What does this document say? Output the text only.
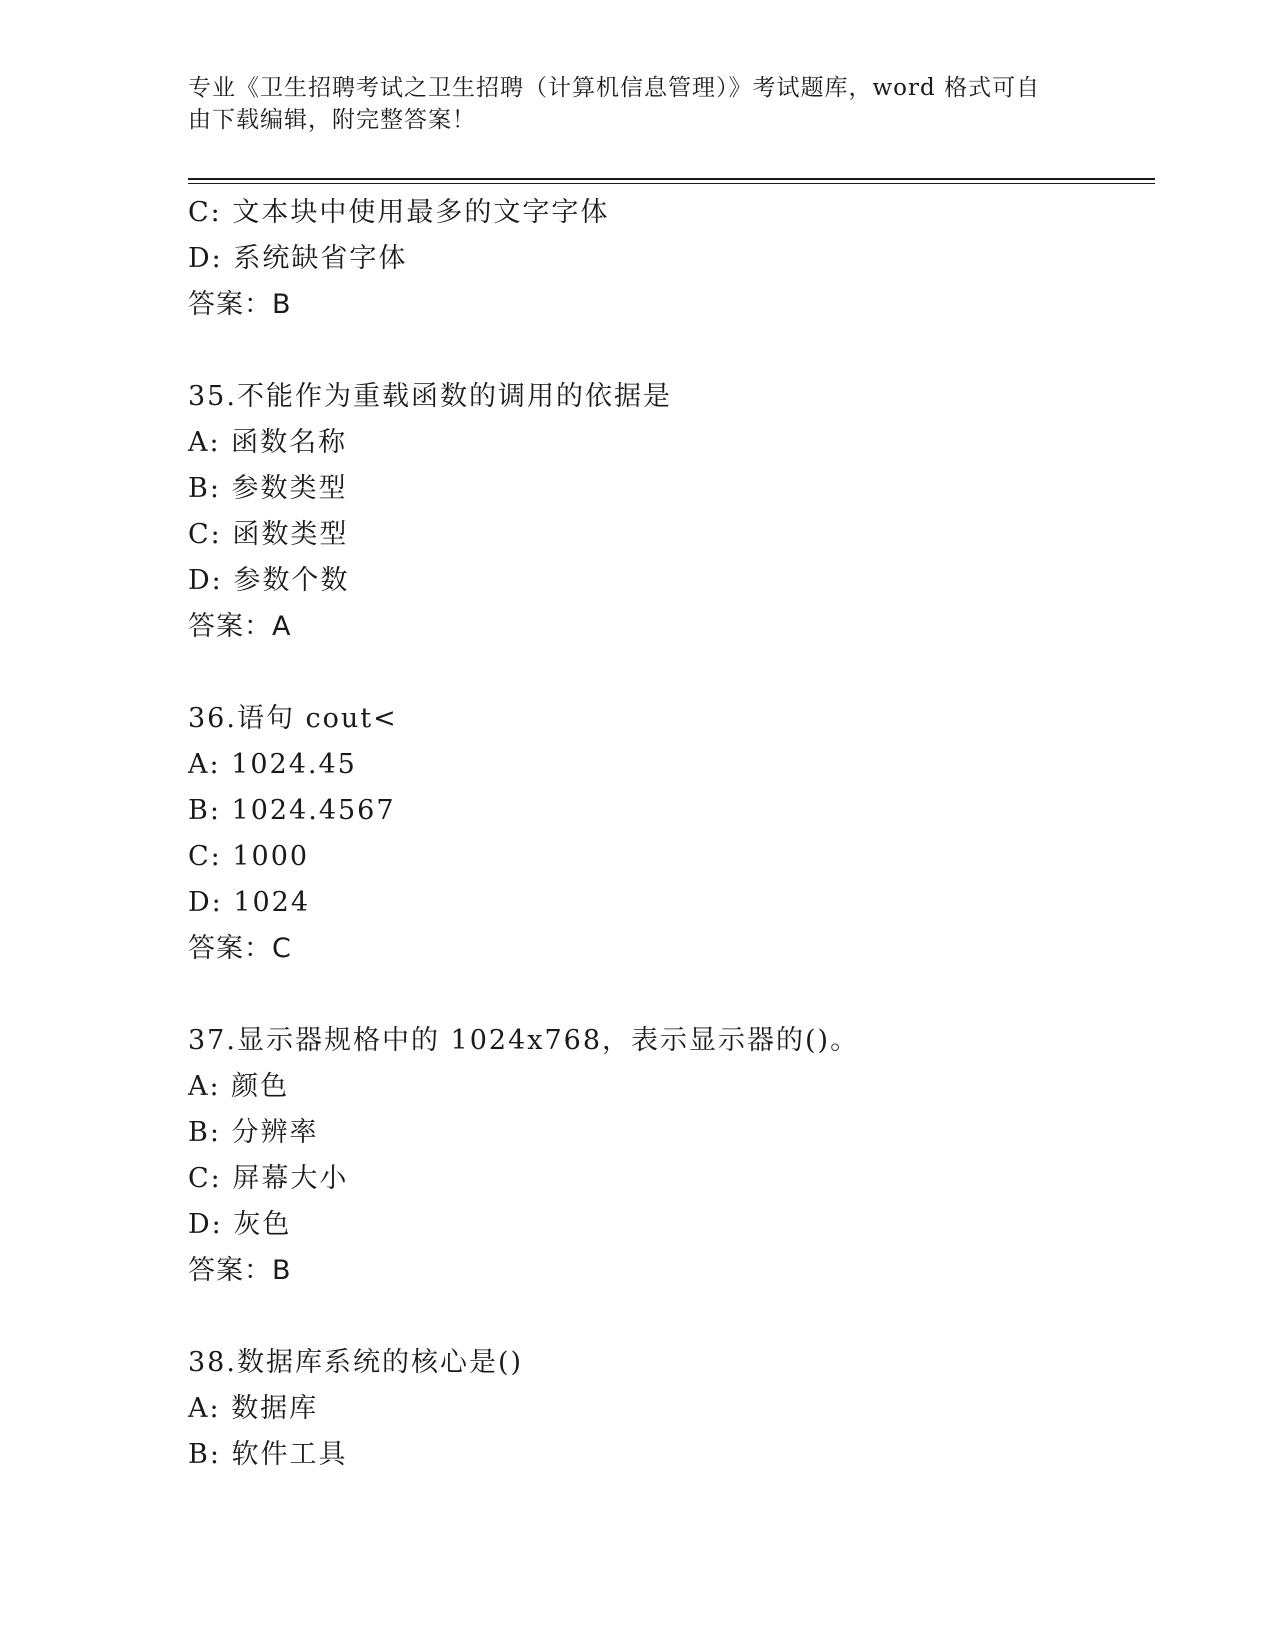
专业《卫生招聘考试之卫生招聘（计算机信息管理）》考试题库，word 格式可自
由下载编辑，附完整答案！
C: 文本块中使用最多的文字字体
D: 系统缺省字体
答案：B
35.不能作为重载函数的调用的依据是
A: 函数名称
B: 参数类型
C: 函数类型
D: 参数个数
答案：A
36.语句 cout<
A: 1024.45
B: 1024.4567
C: 1000
D: 1024
答案：C
37.显示器规格中的 1024x768，表示显示器的()。
A: 颜色
B: 分辨率
C: 屏幕大小
D: 灰色
答案：B
38.数据库系统的核心是()
A: 数据库
B: 软件工具
